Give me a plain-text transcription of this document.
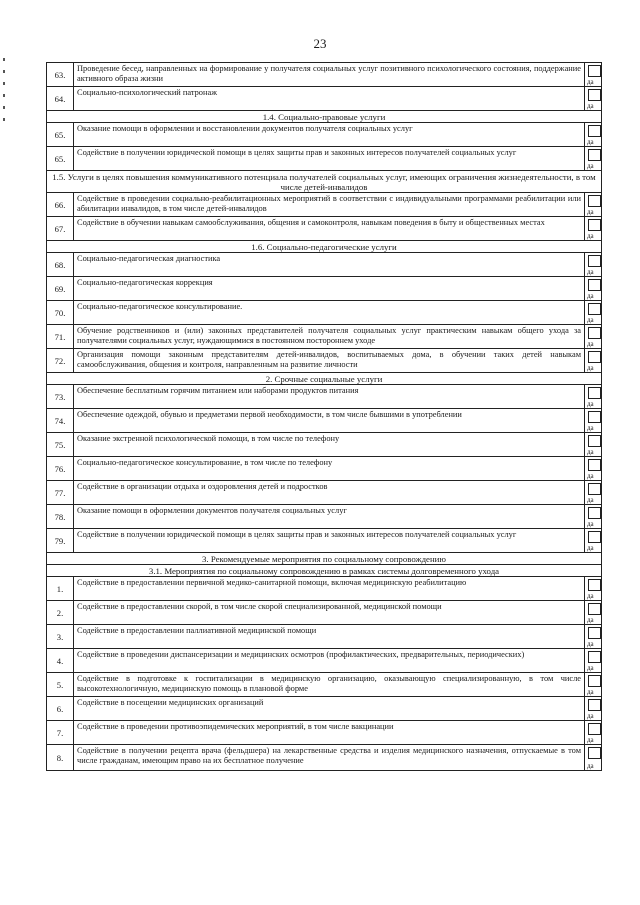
23
63.	Проведение бесед, направленных на формирование у получателя социальных услуг позитивного психологического состояния, поддержание активного образа жизни	да

64.	Социально-психологический патронаж	да

1.4. Социально-правовые услуги		
65.	Оказание помощи в оформлении и восстановлении документов получателя социальных услуг	да

65.	Содействие в получении юридической помощи в целях защиты прав и законных интересов получателей социальных услуг	да

1.5. Услуги в целях повышения коммуникативного потенциала получателей социальных услуг, имеющих ограничения жизнедеятельности, в том числе детей-инвалидов		
66.	Содействие в проведении социально-реабилитационных мероприятий в соответствии с индивидуальными программами реабилитации или абилитации инвалидов, в том числе детей-инвалидов	да

67.	Содействие в обучении навыкам самообслуживания, общения и самоконтроля, навыкам поведения в быту и общественных местах	да

1.6. Социально-педагогические услуги		
68.	Социально-педагогическая диагностика	да

69.	Социально-педагогическая коррекция	да

70.	Социально-педагогическое консультирование.	да

71.	Обучение родственников и (или) законных представителей получателя социальных услуг практическим навыкам общего ухода за получателями социальных услуг, нуждающимися в постоянном постороннем уходе	да

72.	Организация помощи законным представителям детей-инвалидов, воспитываемых дома, в обучении таких детей навыкам самообслуживания, общения и контроля, направленным на развитие личности	да

2. Срочные социальные услуги		
73.	Обеспечение бесплатным горячим питанием или наборами продуктов питания	да

74.	Обеспечение одеждой, обувью и предметами первой необходимости, в том числе бывшими в употреблении	да

75.	Оказание экстренной психологической помощи, в том числе по телефону	да

76.	Социально-педагогическое консультирование, в том числе по телефону	да

77.	Содействие в организации отдыха и оздоровления детей и подростков	да

78.	Оказание помощи в оформлении документов получателя социальных услуг	да

79.	Содействие в получении юридической помощи в целях защиты прав и законных интересов получателей социальных услуг	да

3. Рекомендуемые мероприятия по социальному сопровождению		
3.1. Мероприятия по социальному сопровождению в рамках системы долговременного ухода		
1.	Содействие в предоставлении первичной медико-санитарной помощи, включая медицинскую реабилитацию	да

2.	Содействие в предоставлении скорой, в том числе скорой специализированной, медицинской помощи	да

3.	Содействие в предоставлении паллиативной медицинской помощи	да

4.	Содействие в проведении диспансеризации и медицинских осмотров (профилактических, предварительных, периодических)	да

5.	Содействие в подготовке к госпитализации в медицинскую организацию, оказывающую специализированную, в том числе высокотехнологичную, медицинскую помощь в плановой форме	да

6.	Содействие в посещении медицинских организаций	да

7.	Содействие в проведении противоэпидемических мероприятий, в том числе вакцинации	да

8.	Содействие в получении рецепта врача (фельдшера) на лекарственные средства и изделия медицинского назначения, отпускаемые в том числе гражданам, имеющим право на их бесплатное получение	да
